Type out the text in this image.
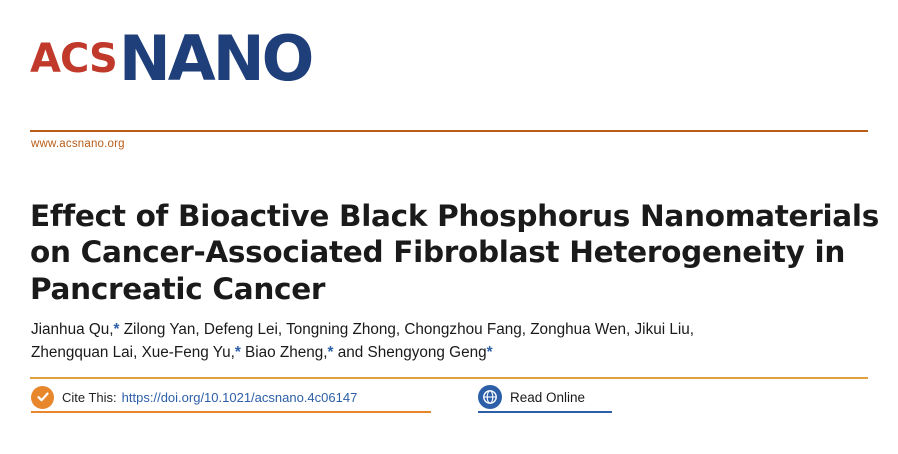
ACS NANO
www.acsnano.org
Effect of Bioactive Black Phosphorus Nanomaterials on Cancer-Associated Fibroblast Heterogeneity in Pancreatic Cancer
Jianhua Qu,* Zilong Yan, Defeng Lei, Tongning Zhong, Chongzhou Fang, Zonghua Wen, Jikui Liu,
Zhengquan Lai, Xue-Feng Yu,* Biao Zheng,* and Shengyong Geng*
Cite This: https://doi.org/10.1021/acsnano.4c06147	Read Online
